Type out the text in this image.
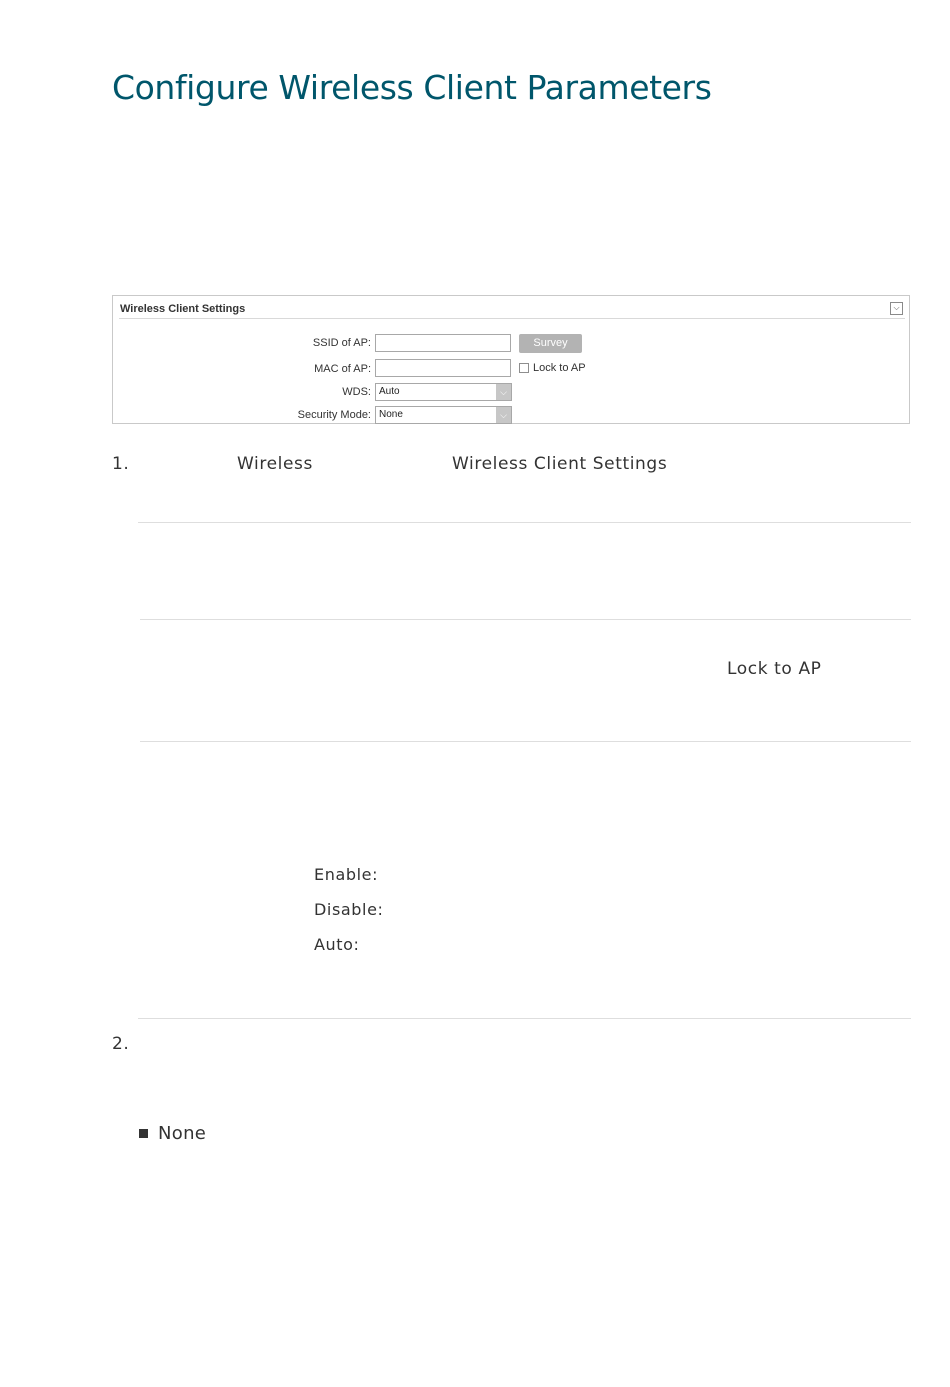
Configure Wireless Client Parameters
Wireless Client Settings	⌵
SSID of AP:	Survey
MAC of AP:	Lock to AP
WDS: Auto	⌵
Security Mode: None	⌵
1.	Wireless	Wireless Client Settings
Lock to AP
Enable:
Disable:
Auto:
2.
None
